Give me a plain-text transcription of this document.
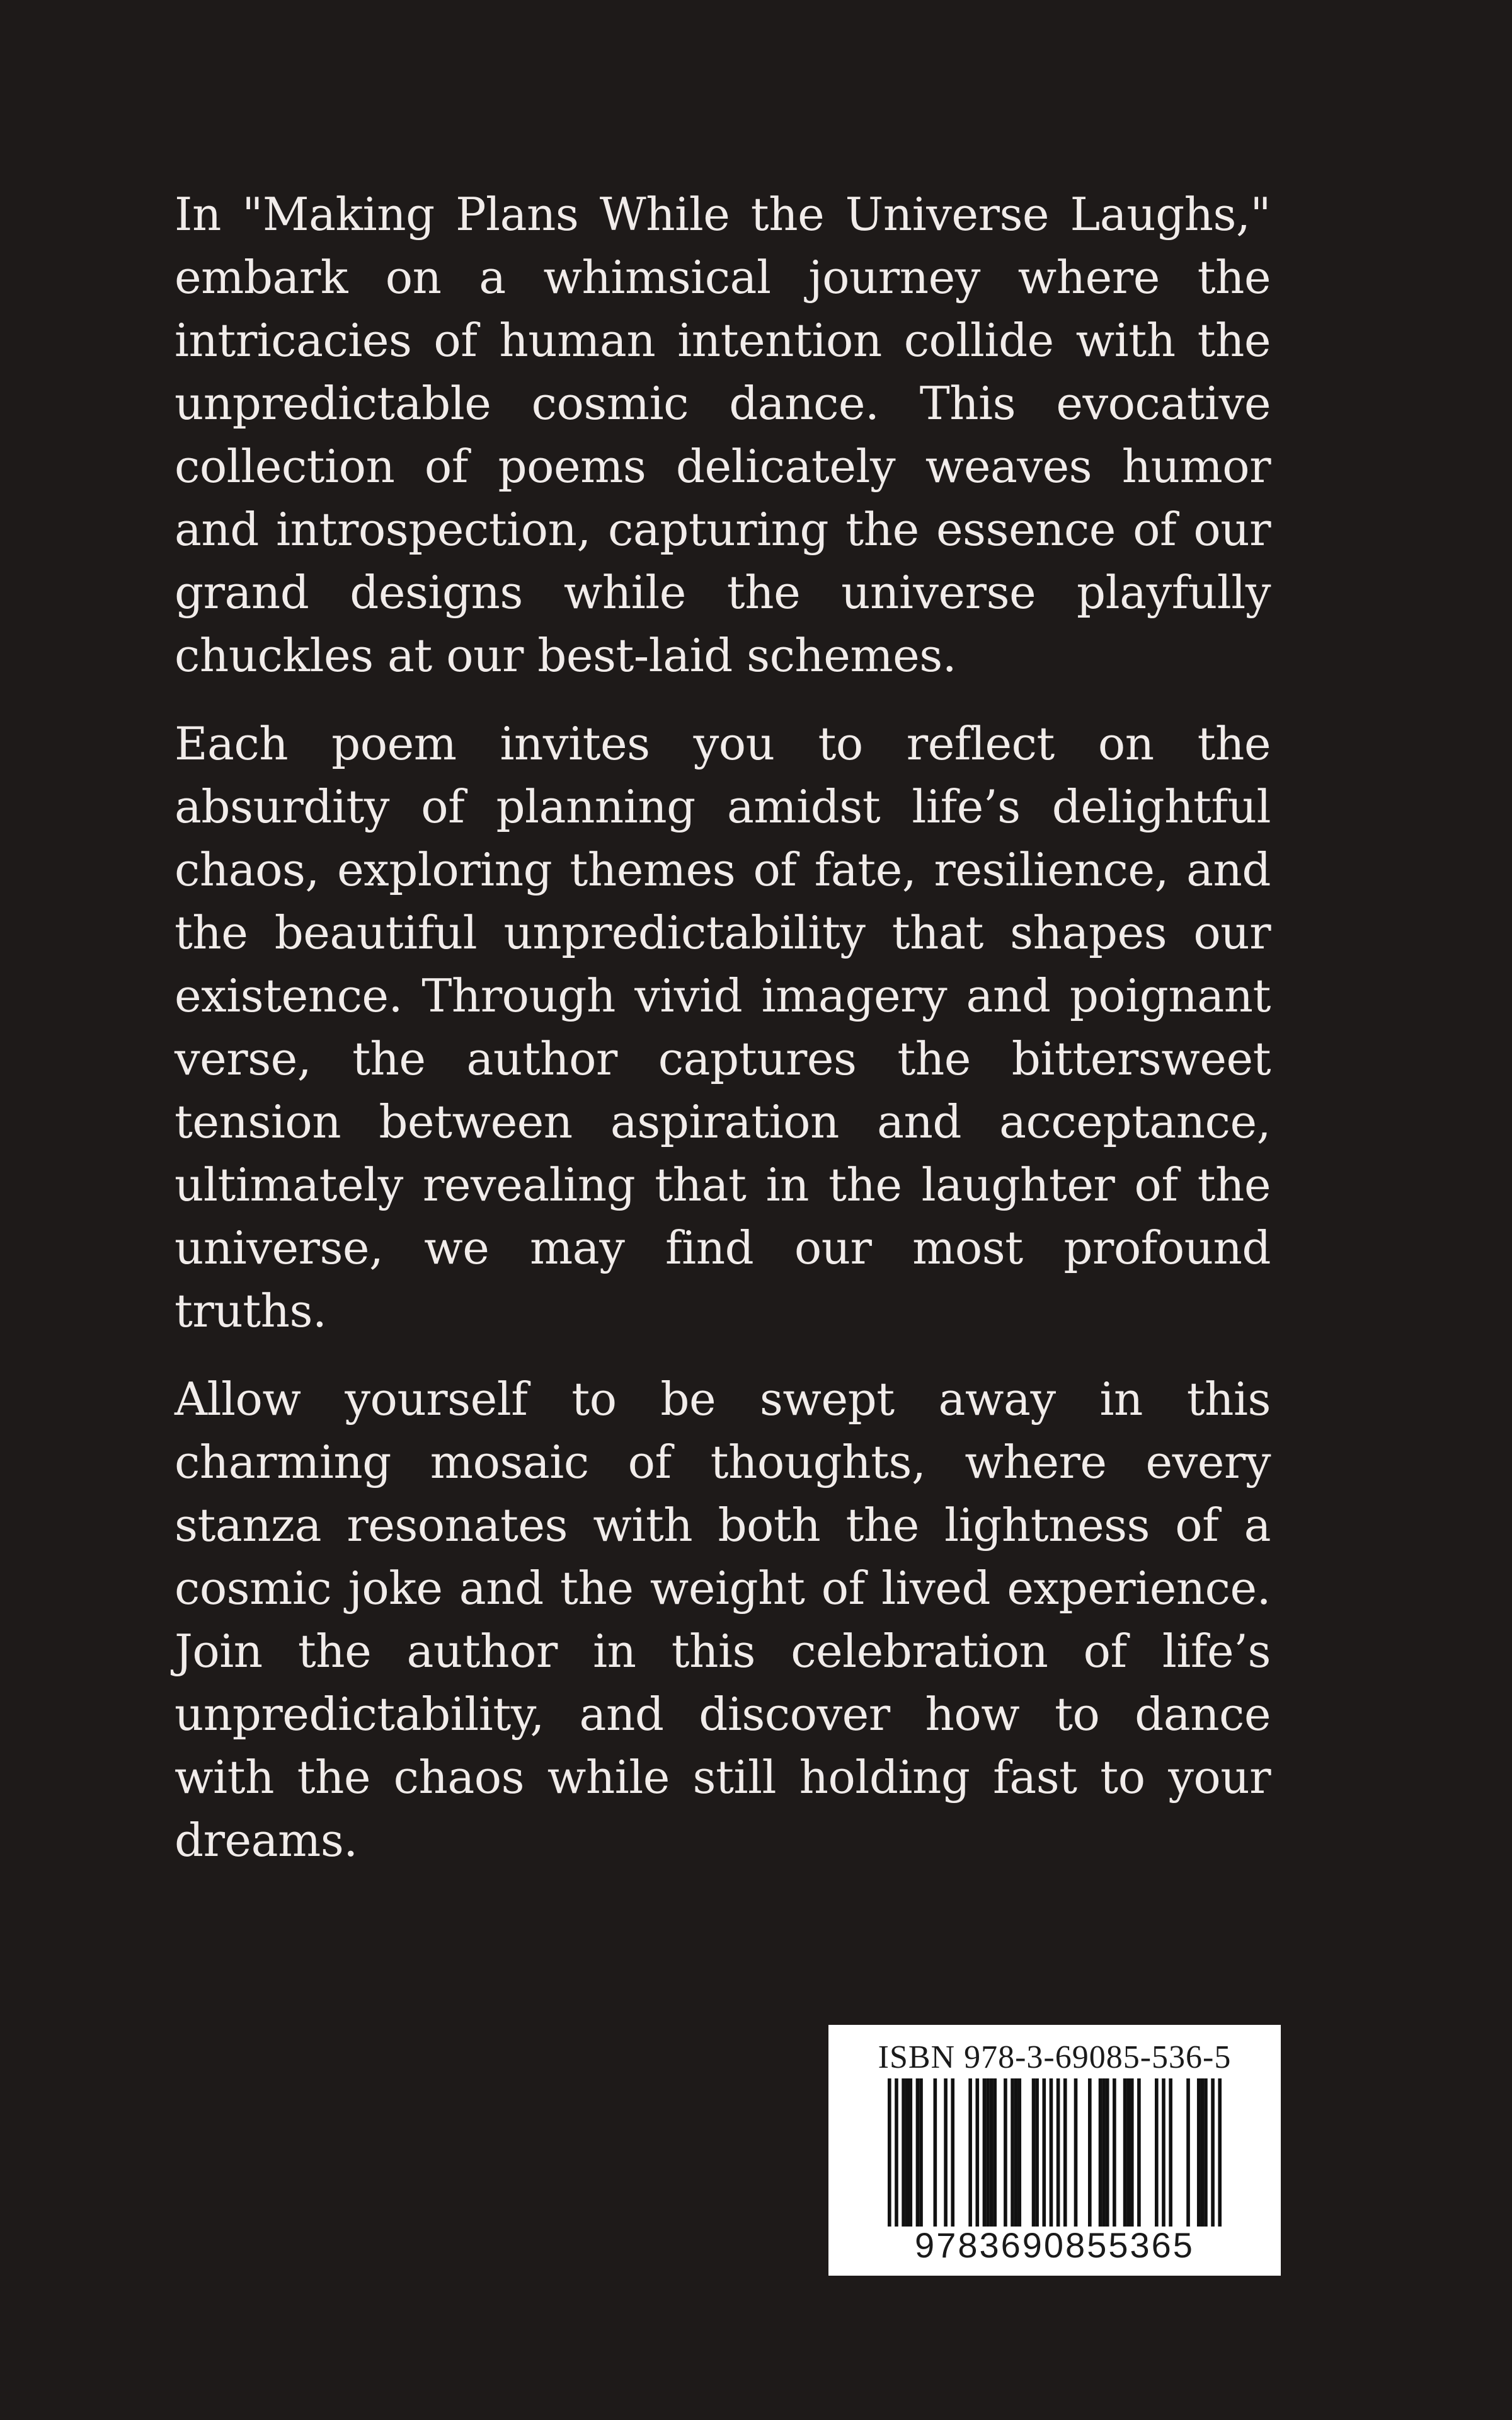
In "Making Plans While the Universe Laughs," embark on a whimsical journey where the intricacies of human intention collide with the unpredictable cosmic dance. This evocative collection of poems delicately weaves humor and introspection, capturing the essence of our grand designs while the universe playfully chuckles at our best-laid schemes.

Each poem invites you to reflect on the absurdity of planning amidst life’s delightful chaos, exploring themes of fate, resilience, and the beautiful unpredictability that shapes our existence. Through vivid imagery and poignant verse, the author captures the bittersweet tension between aspiration and acceptance, ultimately revealing that in the laughter of the universe, we may find our most profound truths.

Allow yourself to be swept away in this charming mosaic of thoughts, where every stanza resonates with both the lightness of a cosmic joke and the weight of lived experience. Join the author in this celebration of life’s unpredictability, and discover how to dance with the chaos while still holding fast to your dreams.

ISBN 978-3-69085-536-5
9783690855365
